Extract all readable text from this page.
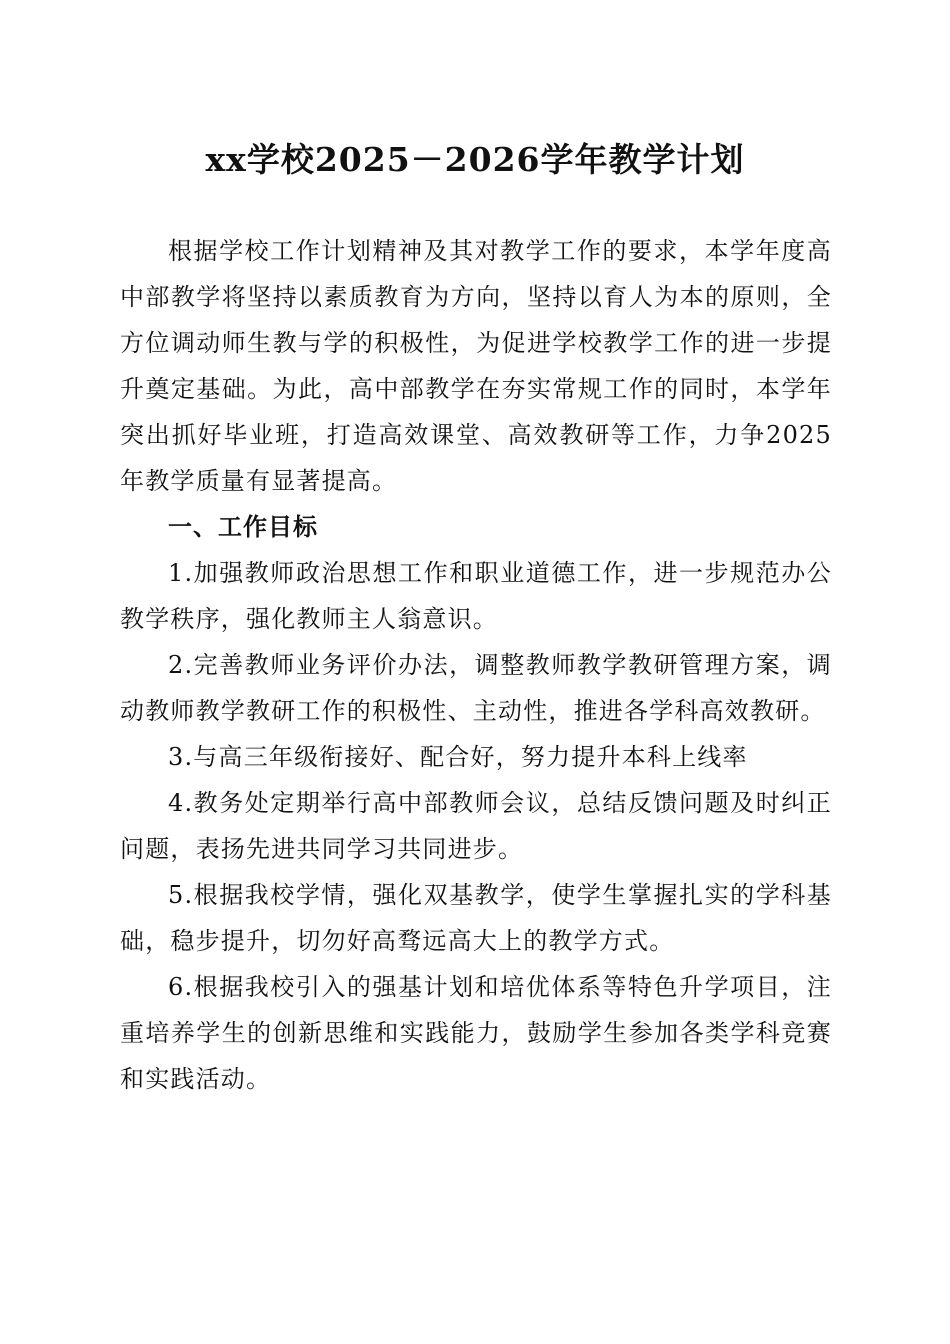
xx学校2025－2026学年教学计划

根据学校工作计划精神及其对教学工作的要求，本学年度高中部教学将坚持以素质教育为方向，坚持以育人为本的原则，全方位调动师生教与学的积极性，为促进学校教学工作的进一步提升奠定基础。为此，高中部教学在夯实常规工作的同时，本学年突出抓好毕业班，打造高效课堂、高效教研等工作，力争2025年教学质量有显著提高。

一、工作目标

1.加强教师政治思想工作和职业道德工作，进一步规范办公教学秩序，强化教师主人翁意识。

2.完善教师业务评价办法，调整教师教学教研管理方案，调动教师教学教研工作的积极性、主动性，推进各学科高效教研。

3.与高三年级衔接好、配合好，努力提升本科上线率

4.教务处定期举行高中部教师会议，总结反馈问题及时纠正问题，表扬先进共同学习共同进步。

5.根据我校学情，强化双基教学，使学生掌握扎实的学科基础，稳步提升，切勿好高骛远高大上的教学方式。

6.根据我校引入的强基计划和培优体系等特色升学项目，注重培养学生的创新思维和实践能力，鼓励学生参加各类学科竞赛和实践活动。
